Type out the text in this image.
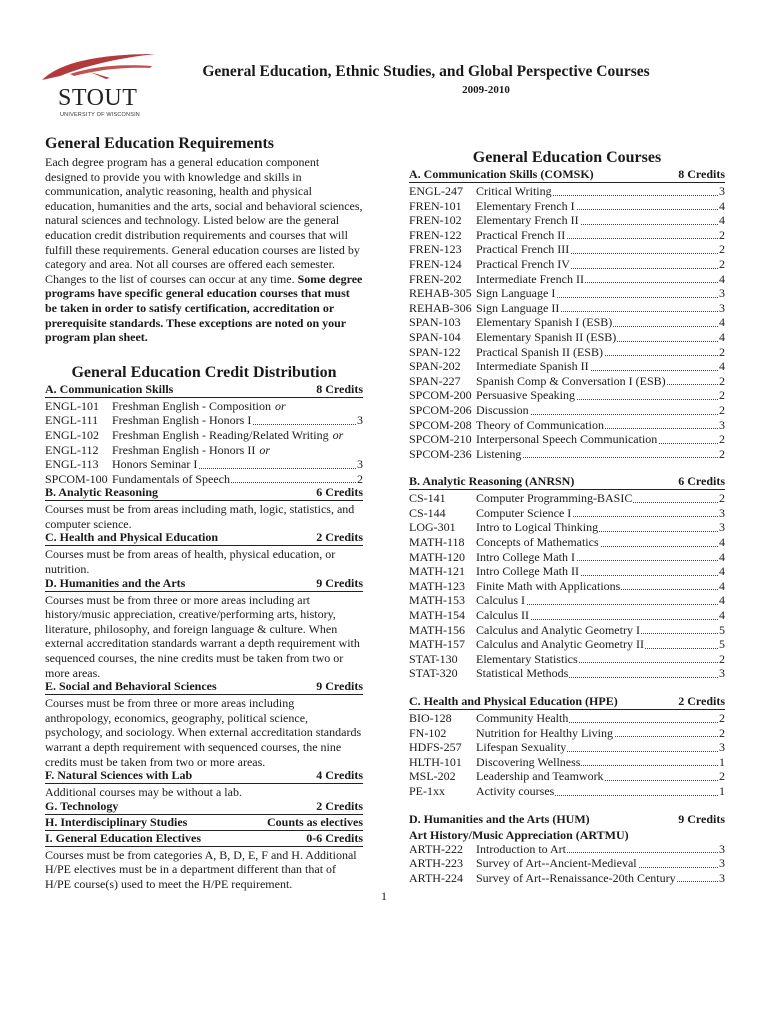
STOUT
UNIVERSITY OF WISCONSIN
General Education, Ethnic Studies, and Global Perspective Courses
2009-2010
General Education Requirements
Each degree program has a general education component designed to provide you with knowledge and skills in communication, analytic reasoning, health and physical education, humanities and the arts, social and behavioral sciences, natural sciences and technology. Listed below are the general education credit distribution requirements and courses that will fulfill these requirements. General education courses are listed by category and area. Not all courses are offered each semester. Changes to the list of courses can occur at any time. Some degree programs have specific general education courses that must be taken in order to satisfy certification, accreditation or prerequisite standards. These exceptions are noted on your program plan sheet.
General Education Credit Distribution
A. Communication Skills	8 Credits
ENGL-101	Freshman English - Composition or
ENGL-111	Freshman English - Honors I	3
ENGL-102	Freshman English - Reading/Related Writing or
ENGL-112	Freshman English - Honors II or
ENGL-113	Honors Seminar I	3
SPCOM-100 Fundamentals of Speech	2
B. Analytic Reasoning	6 Credits
Courses must be from areas including math, logic, statistics, and computer science.
C. Health and Physical Education	2 Credits
Courses must be from areas of health, physical education, or nutrition.
D. Humanities and the Arts	9 Credits
Courses must be from three or more areas including art history/music appreciation, creative/performing arts, history, literature, philosophy, and foreign language & culture. When external accreditation standards warrant a depth requirement with sequenced courses, the nine credits must be taken from two or more areas.
E. Social and Behavioral Sciences	9 Credits
Courses must be from three or more areas including anthropology, economics, geography, political science, psychology, and sociology. When external accreditation standards warrant a depth requirement with sequenced courses, the nine credits must be taken from two or more areas.
F. Natural Sciences with Lab	4 Credits
Additional courses may be without a lab.
G. Technology	2 Credits
H. Interdisciplinary Studies	Counts as electives
I. General Education Electives	0-6 Credits
Courses must be from categories A, B, D, E, F and H. Additional H/PE electives must be in a department different than that of H/PE course(s) used to meet the H/PE requirement.
General Education Courses
A. Communication Skills (COMSK)	8 Credits
ENGL-247	Critical Writing	3
FREN-101	Elementary French I	4
FREN-102	Elementary French II	4
FREN-122	Practical French II	2
FREN-123	Practical French III	2
FREN-124	Practical French IV	2
FREN-202	Intermediate French II	4
REHAB-305 Sign Language I	3
REHAB-306 Sign Language II	3
SPAN-103	Elementary Spanish I (ESB)	4
SPAN-104	Elementary Spanish II (ESB)	4
SPAN-122	Practical Spanish II (ESB)	2
SPAN-202	Intermediate Spanish II	4
SPAN-227	Spanish Comp & Conversation I (ESB)	2
SPCOM-200 Persuasive Speaking	2
SPCOM-206 Discussion	2
SPCOM-208 Theory of Communication	3
SPCOM-210 Interpersonal Speech Communication	2
SPCOM-236 Listening	2
B. Analytic Reasoning (ANRSN)	6 Credits
CS-141	Computer Programming-BASIC	2
CS-144	Computer Science I	3
LOG-301	Intro to Logical Thinking	3
MATH-118 Concepts of Mathematics	4
MATH-120 Intro College Math I	4
MATH-121 Intro College Math II	4
MATH-123 Finite Math with Applications	4
MATH-153 Calculus I	4
MATH-154 Calculus II	4
MATH-156 Calculus and Analytic Geometry I	5
MATH-157 Calculus and Analytic Geometry II	5
STAT-130	Elementary Statistics	2
STAT-320	Statistical Methods	3
C. Health and Physical Education (HPE)	2 Credits
BIO-128	Community Health	2
FN-102	Nutrition for Healthy Living	2
HDFS-257	Lifespan Sexuality	3
HLTH-101	Discovering Wellness	1
MSL-202	Leadership and Teamwork	2
PE-1xx	Activity courses	1
D. Humanities and the Arts (HUM)	9 Credits
Art History/Music Appreciation (ARTMU)
ARTH-222	Introduction to Art	3
ARTH-223	Survey of Art--Ancient-Medieval	3
ARTH-224	Survey of Art--Renaissance-20th Century	3
1
